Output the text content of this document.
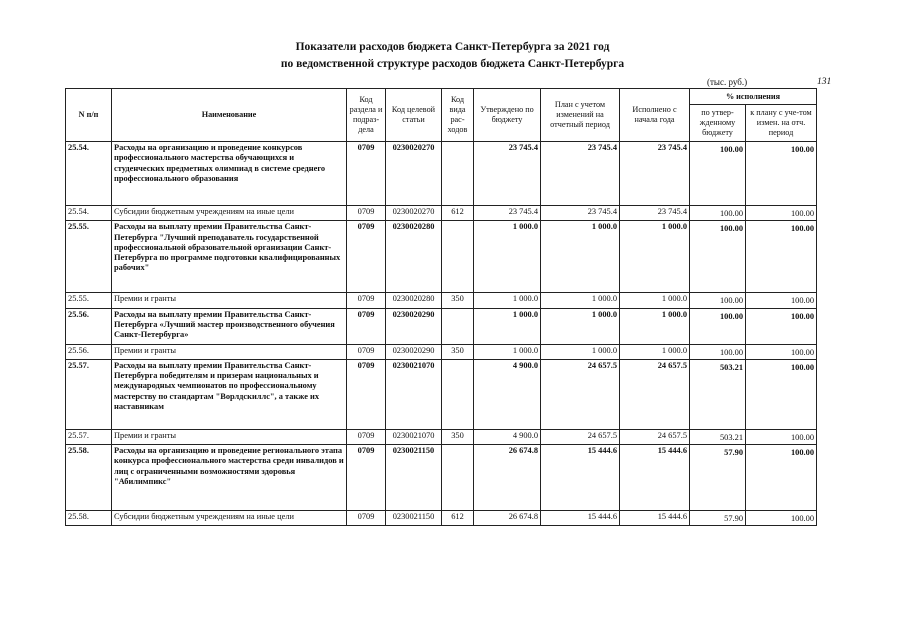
Показатели расходов бюджета Санкт-Петербурга за 2021 год
по ведомственной структуре расходов бюджета Санкт-Петербурга
(тыс. руб.)	131
N п/п	Наименование	Код раздела и подраз-дела	Код целевой статьи	Код вида рас-ходов	Утверждено по бюджету	План с учетом изменений на отчетный период	Исполнено с начала года	% исполнения	
								по утвер-жденному бюджету	к плану с уче-том измен. на отч. период
25.54.	Расходы на организацию и проведение конкурсов профессионального мастерства обучающихся и студенческих предметных олимпиад в системе среднего профессионального образования	0709	0230020270		23 745.4	23 745.4	23 745.4	100.00	100.00
25.54.	Субсидии бюджетным учреждениям на иные цели	0709	0230020270	612	23 745.4	23 745.4	23 745.4	100.00	100.00
25.55.	Расходы на выплату премии Правительства Санкт-Петербурга "Лучший преподаватель государственной профессиональной образовательной организации Санкт-Петербурга по программе подготовки квалифицированных рабочих"	0709	0230020280		1 000.0	1 000.0	1 000.0	100.00	100.00
25.55.	Премии и гранты	0709	0230020280	350	1 000.0	1 000.0	1 000.0	100.00	100.00
25.56.	Расходы на выплату премии Правительства Санкт-Петербурга «Лучший мастер производственного обучения Санкт-Петербурга»	0709	0230020290		1 000.0	1 000.0	1 000.0	100.00	100.00
25.56.	Премии и гранты	0709	0230020290	350	1 000.0	1 000.0	1 000.0	100.00	100.00
25.57.	Расходы на выплату премии Правительства Санкт-Петербурга победителям и призерам национальных и международных чемпионатов по профессиональному мастерству по стандартам "Ворлдскиллс", а также их наставникам	0709	0230021070		4 900.0	24 657.5	24 657.5	503.21	100.00
25.57.	Премии и гранты	0709	0230021070	350	4 900.0	24 657.5	24 657.5	503.21	100.00
25.58.	Расходы на организацию и проведение регионального этапа конкурса профессионального мастерства среди инвалидов и лиц с ограниченными возможностями здоровья "Абилимпикс"	0709	0230021150		26 674.8	15 444.6	15 444.6	57.90	100.00
25.58.	Субсидии бюджетным учреждениям на иные цели	0709	0230021150	612	26 674.8	15 444.6	15 444.6	57.90	100.00
